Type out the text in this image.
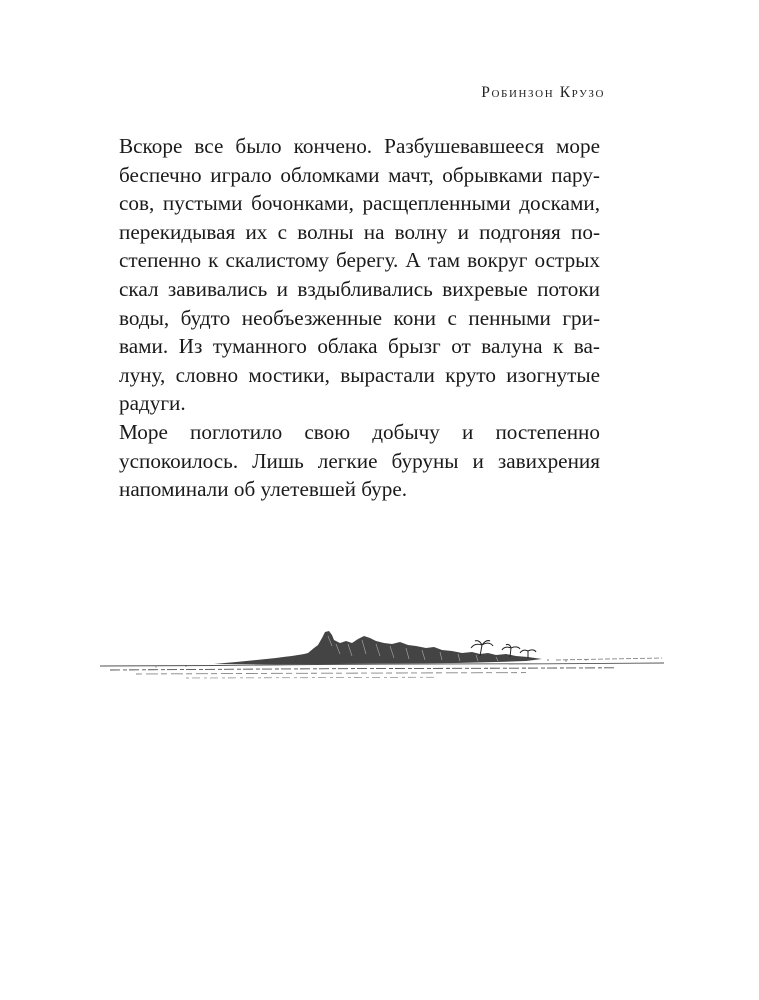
Робинзон Крузо

Вскоре все было кончено. Разбушевавшееся море
беспечно играло обломками мачт, обрывками пару-
сов, пустыми бочонками, расщепленными досками,
перекидывая их с волны на волну и подгоняя по-
степенно к скалистому берегу. А там вокруг острых
скал завивались и вздыбливались вихревые потоки
воды, будто необъезженные кони с пенными гри-
вами. Из туманного облака брызг от валуна к ва-
луну, словно мостики, вырастали круто изогнутые
радуги.

Море поглотило свою добычу и постепенно
успокоилось. Лишь легкие буруны и завихрения
напоминали об улетевшей буре.
